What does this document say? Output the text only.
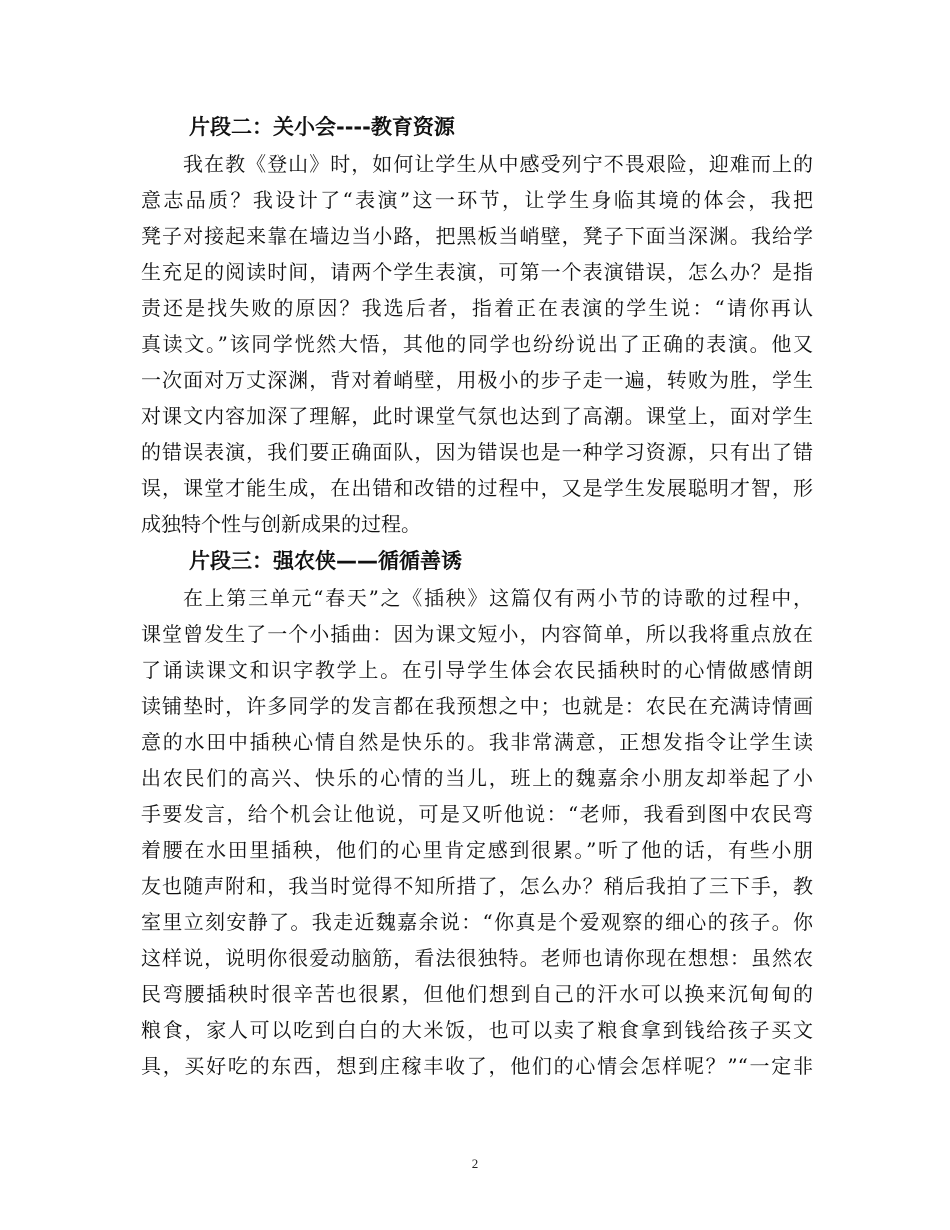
片段二：关小会----教育资源
我在教《登山》时，如何让学生从中感受列宁不畏艰险，迎难而上的
意志品质？我设计了“表演”这一环节，让学生身临其境的体会，我把
凳子对接起来靠在墙边当小路，把黑板当峭壁，凳子下面当深渊。我给学
生充足的阅读时间，请两个学生表演，可第一个表演错误，怎么办？是指
责还是找失败的原因？我选后者，指着正在表演的学生说：“请你再认
真读文。”该同学恍然大悟，其他的同学也纷纷说出了正确的表演。他又
一次面对万丈深渊，背对着峭壁，用极小的步子走一遍，转败为胜，学生
对课文内容加深了理解，此时课堂气氛也达到了高潮。课堂上，面对学生
的错误表演，我们要正确面队，因为错误也是一种学习资源，只有出了错
误，课堂才能生成，在出错和改错的过程中，又是学生发展聪明才智，形
成独特个性与创新成果的过程。
片段三：强农侠——循循善诱
在上第三单元“春天”之《插秧》这篇仅有两小节的诗歌的过程中，
课堂曾发生了一个小插曲：因为课文短小，内容简单，所以我将重点放在
了诵读课文和识字教学上。在引导学生体会农民插秧时的心情做感情朗
读铺垫时，许多同学的发言都在我预想之中；也就是：农民在充满诗情画
意的水田中插秧心情自然是快乐的。我非常满意，正想发指令让学生读
出农民们的高兴、快乐的心情的当儿，班上的魏嘉余小朋友却举起了小
手要发言，给个机会让他说，可是又听他说：“老师，我看到图中农民弯
着腰在水田里插秧，他们的心里肯定感到很累。”听了他的话，有些小朋
友也随声附和，我当时觉得不知所措了，怎么办？稍后我拍了三下手，教
室里立刻安静了。我走近魏嘉余说：“你真是个爱观察的细心的孩子。你
这样说，说明你很爱动脑筋，看法很独特。老师也请你现在想想：虽然农
民弯腰插秧时很辛苦也很累，但他们想到自己的汗水可以换来沉甸甸的
粮食，家人可以吃到白白的大米饭，也可以卖了粮食拿到钱给孩子买文
具，买好吃的东西，想到庄稼丰收了，他们的心情会怎样呢？”“一定非
2
